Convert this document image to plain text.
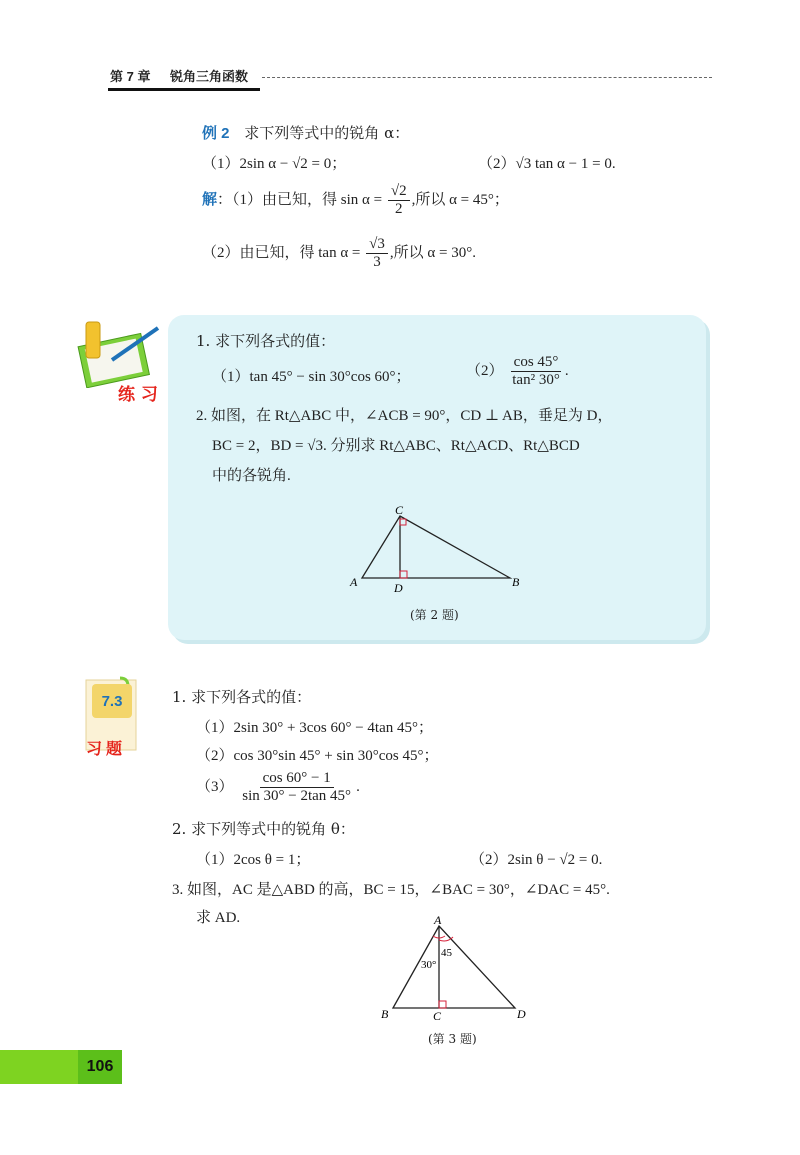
第 7 章 锐角三角函数
例 2 求下列等式中的锐角 α：
（1）2sin α − √2 = 0；	（2）√3 tan α − 1 = 0.
解：（1）由已知，得 $\sin \alpha = \frac{√2}{2}$ ,所以 α = 45°；
（2）由已知，得 $\tan \alpha = \frac{√3}{3}$ ,所以 α = 30°.
练 习
1. 求下列各式的值：
（1）tan 45° − sin 30°cos 60°；	$(2) \frac{\cos 45^\circ}{\text{tan² 30°}}$ .
2. 如图，在 Rt△ABC 中，∠ACB = 90°，CD ⊥ AB，垂足为 D，
BC = 2，BD = √3. 分别求 Rt△ABC、Rt△ACD、Rt△BCD
中的各锐角.
A
C
D	B
(第 2 题)
7.3
习题
1. 求下列各式的值：
（1）2sin 30° + 3cos 60° − 4tan 45°；
（2）cos 30°sin 45° + sin 30°cos 45°；
$(3) \frac{\cos 60^\circ - 1}{\sin 30^\circ - 2\tan 45^\circ}$ .
2. 求下列等式中的锐角 θ：
（1）2cos θ = 1；	（2）2sin θ − √2 = 0.
3. 如图，AC 是△ABD 的高，BC = 15，∠BAC = 30°，∠DAC = 45°.
求 AD.
30°
45
A
B	C	D
(第 3 题)
106
